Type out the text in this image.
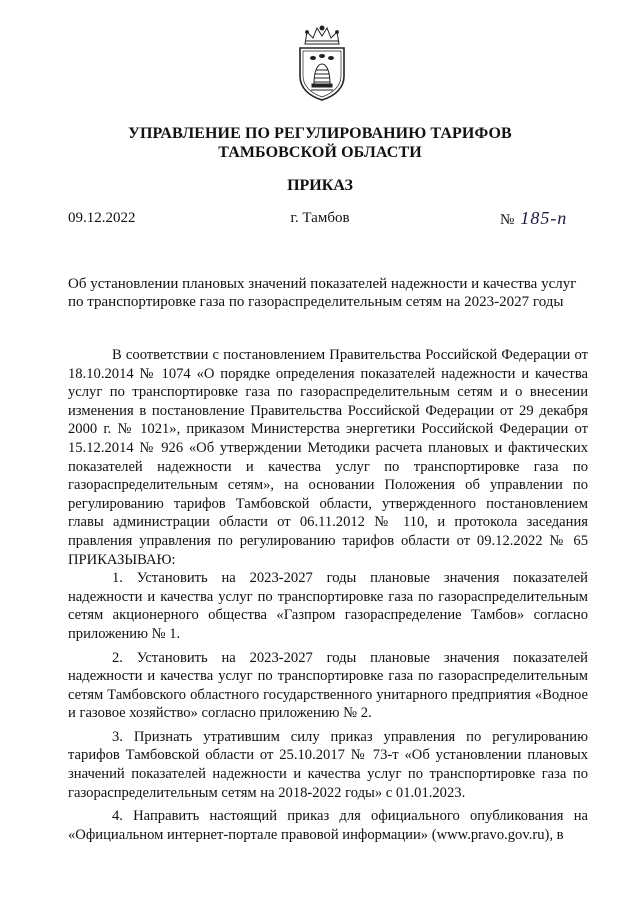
УПРАВЛЕНИЕ ПО РЕГУЛИРОВАНИЮ ТАРИФОВ
ТАМБОВСКОЙ ОБЛАСТИ
ПРИКАЗ
09.12.2022	г. Тамбов	№ 185-п
Об установлении плановых значений показателей надежности и качества услуг
по транспортировке газа по газораспределительным сетям на 2023-2027 годы

В соответствии с постановлением Правительства Российской Федерации от 18.10.2014 № 1074 «О порядке определения показателей надежности и качества услуг по транспортировке газа по газораспределительным сетям и о внесении изменения в постановление Правительства Российской Федерации от 29 декабря 2000 г. № 1021», приказом Министерства энергетики Российской Федерации от 15.12.2014 № 926 «Об утверждении Методики расчета плановых и фактических показателей надежности и качества услуг по транспортировке газа по газораспределительным сетям», на основании Положения об управлении по регулированию тарифов Тамбовской области, утвержденного постановлением главы администрации области от 06.11.2012 № 110, и протокола заседания правления управления по регулированию тарифов области от 09.12.2022 № 65 ПРИКАЗЫВАЮ:

1. Установить на 2023-2027 годы плановые значения показателей надежности и качества услуг по транспортировке газа по газораспределительным сетям акционерного общества «Газпром газораспределение Тамбов» согласно приложению № 1.

2. Установить на 2023-2027 годы плановые значения показателей надежности и качества услуг по транспортировке газа по газораспределительным сетям Тамбовского областного государственного унитарного предприятия «Водное и газовое хозяйство» согласно приложению № 2.

3. Признать утратившим силу приказ управления по регулированию тарифов Тамбовской области от 25.10.2017 № 73-т «Об установлении плановых значений показателей надежности и качества услуг по транспортировке газа по газораспределительным сетям на 2018-2022 годы» с 01.01.2023.

4. Направить настоящий приказ для официального опубликования на «Официальном интернет-портале правовой информации» (www.pravo.gov.ru), в
